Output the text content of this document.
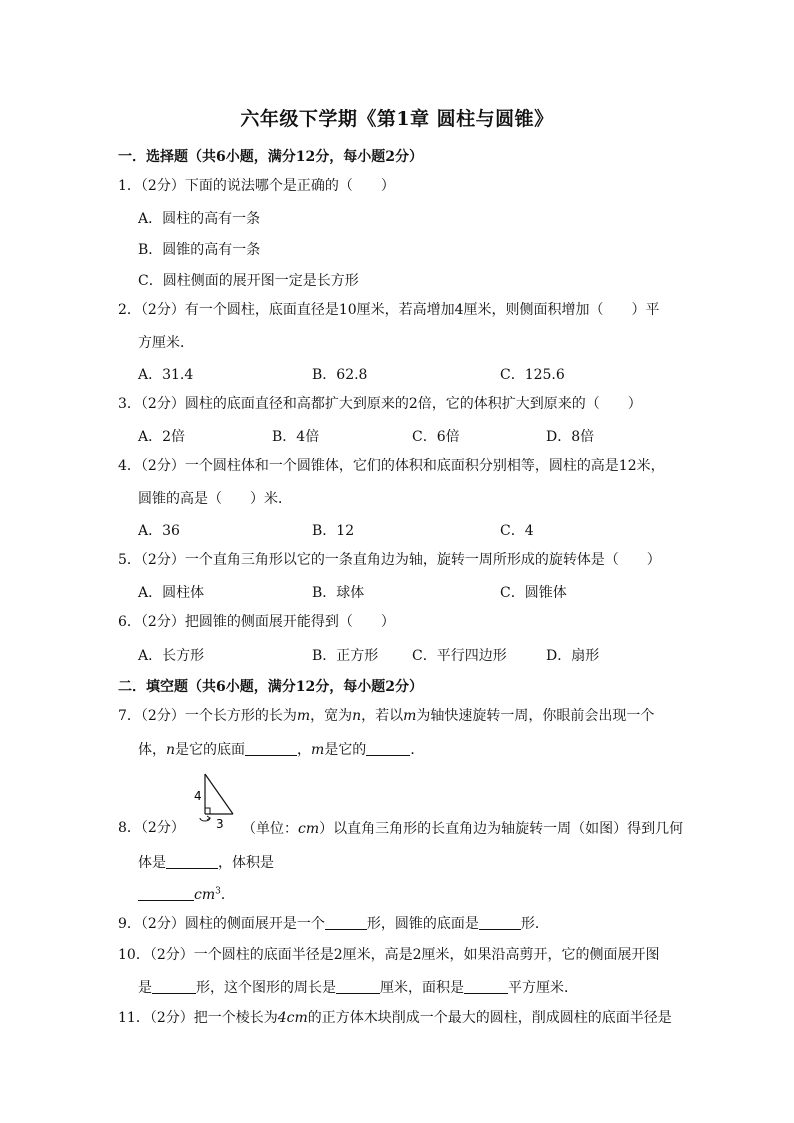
六年级下学期《第1章 圆柱与圆锥》
一．选择题（共6小题，满分12分，每小题2分）
1．（2分）下面的说法哪个是正确的（　　）
A．圆柱的高有一条
B．圆锥的高有一条
C．圆柱侧面的展开图一定是长方形
2．（2分）有一个圆柱，底面直径是10厘米，若高增加4厘米，则侧面积增加（　　）平
方厘米．
A．31.4	B．62.8	C．125.6
3．（2分）圆柱的底面直径和高都扩大到原来的2倍，它的体积扩大到原来的（　　）
A．2倍	B．4倍	C．6倍	D．8倍
4．（2分）一个圆柱体和一个圆锥体，它们的体积和底面积分别相等，圆柱的高是12米，
圆锥的高是（　　）米．
A．36	B．12	C．4
5．（2分）一个直角三角形以它的一条直角边为轴，旋转一周所形成的旋转体是（　　）
A．圆柱体	B．球体	C．圆锥体
6．（2分）把圆锥的侧面展开能得到（　　）
A．长方形	B．正方形 C．平行四边形	D．扇形
二．填空题（共6小题，满分12分，每小题2分）
7．（2分）一个长方形的长为m，宽为n，若以m为轴快速旋转一周，你眼前会出现一个
体，n是它的底面	，m是它的	．
4
3
8．（2分）	（单位：cm）以直角三角形的长直角边为轴旋转一周（如图）得到几何
体是	，体积是
$cm^3$．
9．（2分）圆柱的侧面展开是一个	形，圆锥的底面是	形．
10．（2分）一个圆柱的底面半径是2厘米，高是2厘米，如果沿高剪开，它的侧面展开图
是	形，这个图形的周长是	厘米，面积是	平方厘米．
11．（2分）把一个棱长为4cm的正方体木块削成一个最大的圆柱，削成圆柱的底面半径是
